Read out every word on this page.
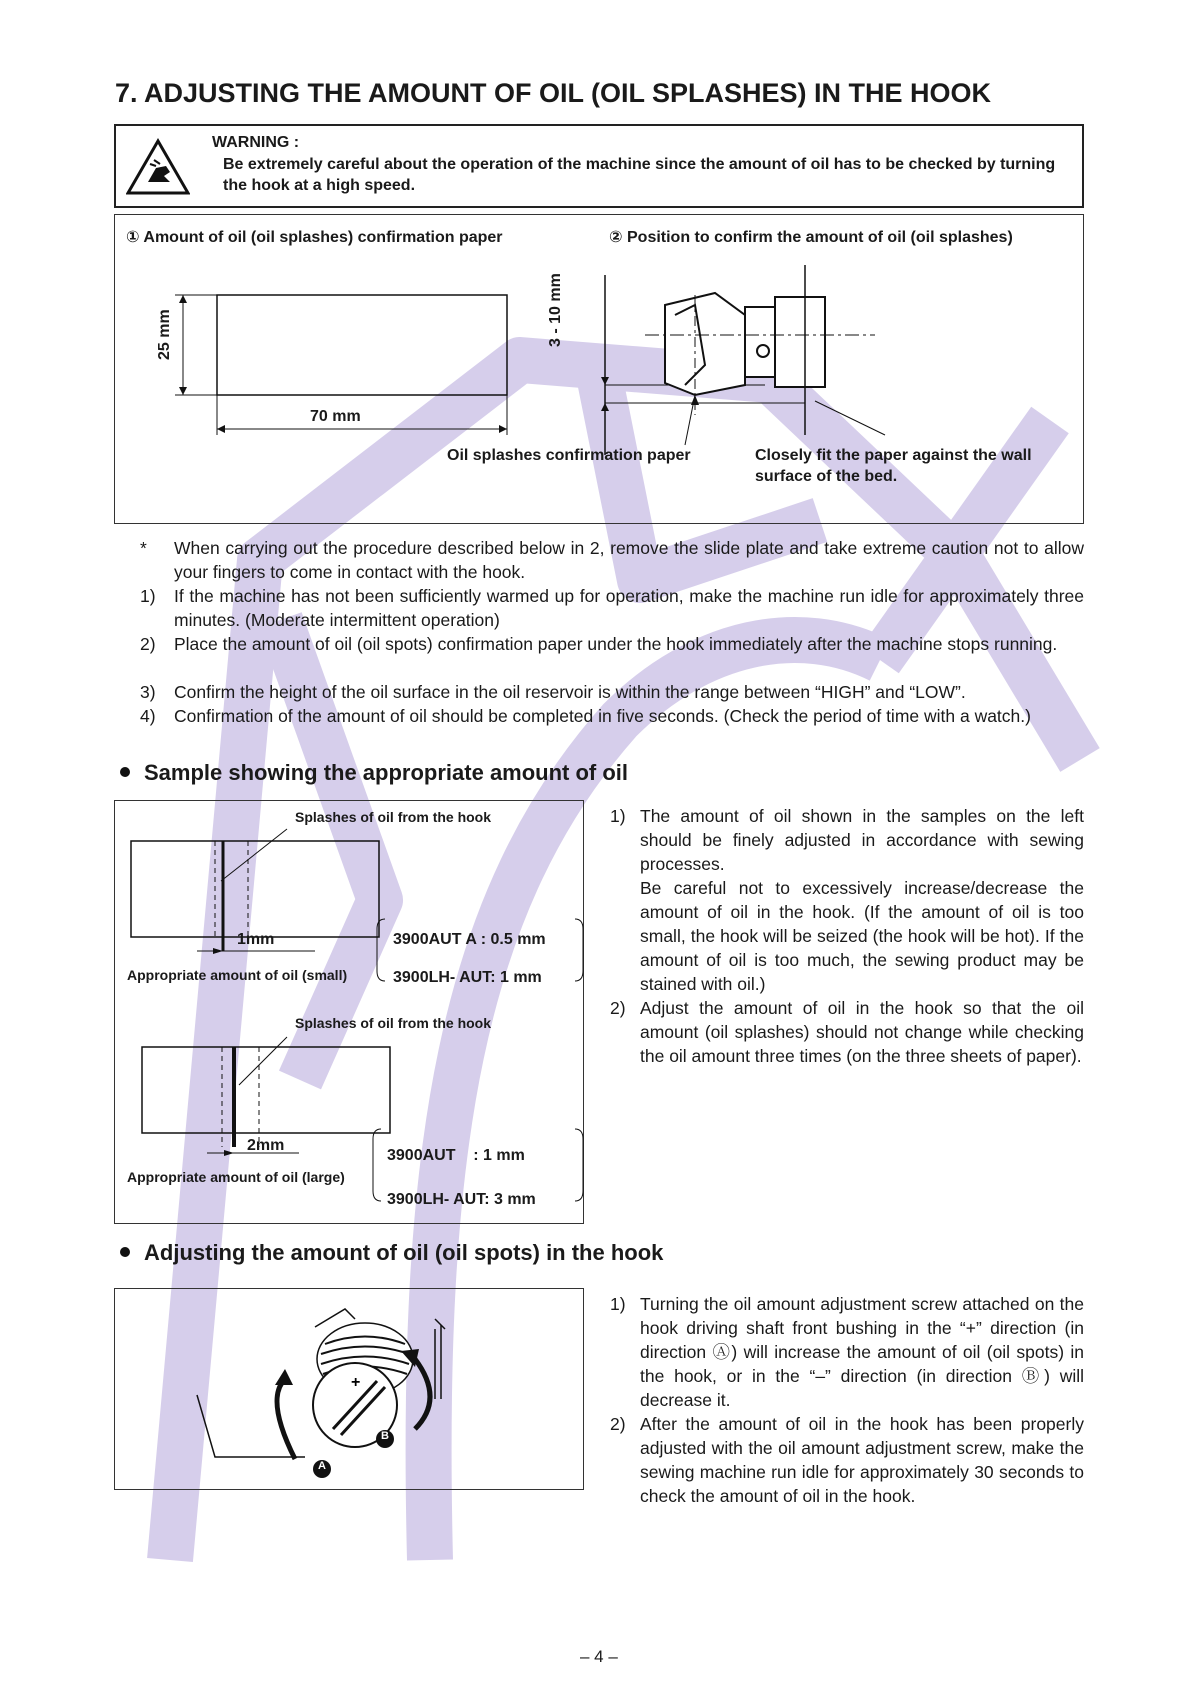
7. ADJUSTING THE AMOUNT OF OIL (OIL SPLASHES) IN THE HOOK
WARNING :
Be extremely careful about the operation of the machine since the amount of oil has to be checked by turning the hook at a high speed.
① Amount of oil (oil splashes) confirmation paper	② Position to confirm the amount of oil (oil splashes)
25 mm
70 mm
3 - 10 mm
Oil splashes confirmation paper	Closely fit the paper against the wall surface of the bed.
* When carrying out the procedure described below in 2, remove the slide plate and take extreme caution not to allow your fingers to come in contact with the hook.
1) If the machine has not been sufficiently warmed up for operation, make the machine run idle for approximately three minutes. (Moderate intermittent operation)
2) Place the amount of oil (oil spots) confirmation paper under the hook immediately after the machine stops running.
3) Confirm the height of the oil surface in the oil reservoir is within the range between “HIGH” and “LOW”.
4) Confirmation of the amount of oil should be completed in five seconds. (Check the period of time with a watch.)
Sample showing the appropriate amount of oil
Splashes of oil from the hook
1mm
Appropriate amount of oil (small)
3900AUT A : 0.5 mm
3900LH- AUT: 1 mm
Splashes of oil from the hook
2mm
Appropriate amount of oil (large)
3900AUT    : 1 mm
3900LH- AUT: 3 mm
1) The amount of oil shown in the samples on the left should be finely adjusted in accordance with sewing processes.
Be careful not to excessively increase/decrease the amount of oil in the hook. (If the amount of oil is too small, the hook will be seized (the hook will be hot). If the amount of oil is too much, the sewing product may be stained with oil.)
2) Adjust the amount of oil in the hook so that the oil amount (oil splashes) should not change while checking the oil amount three times (on the three sheets of paper).
Adjusting the amount of oil (oil spots) in the hook
+
A
B
1) Turning the oil amount adjustment screw attached on the hook driving shaft front bushing in the “+” direction (in direction Ⓐ) will increase the amount of oil (oil spots) in the hook, or in the “–” direction (in direction Ⓑ) will decrease it.
2) After the amount of oil in the hook has been properly adjusted with the oil amount adjustment screw, make the sewing machine run idle for approximately 30 seconds to check the amount of oil in the hook.
– 4 –
